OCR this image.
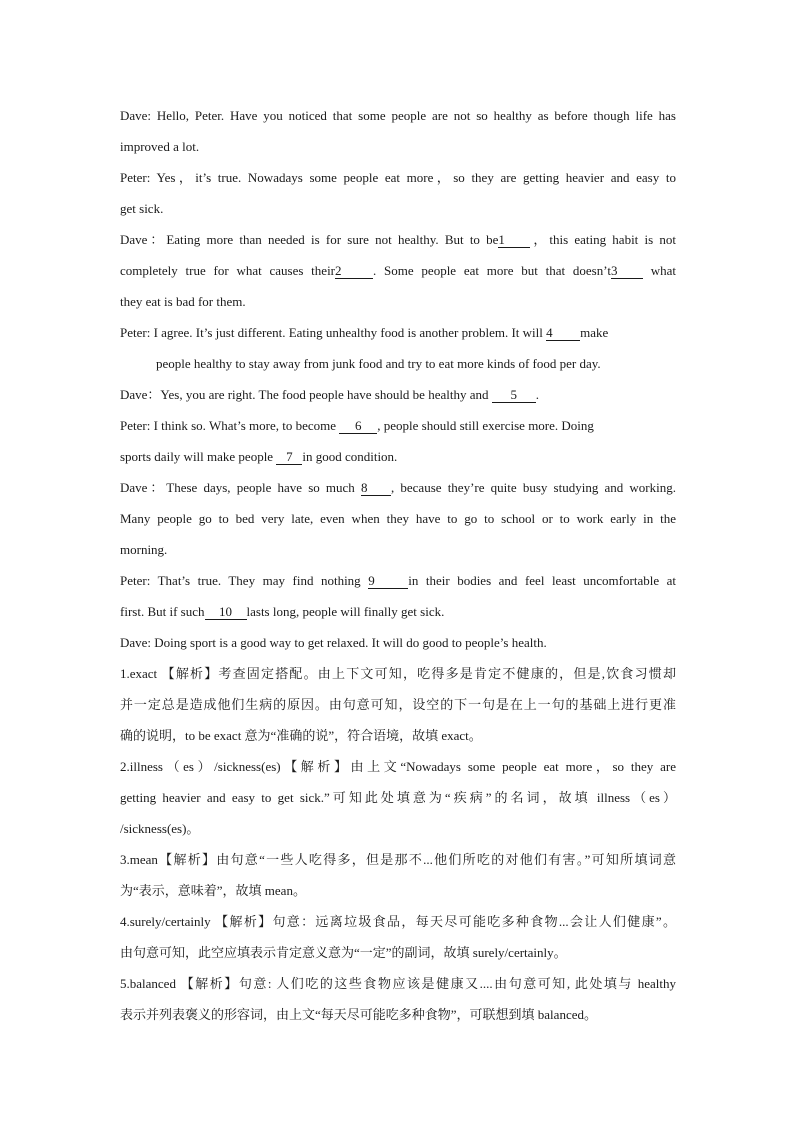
Dave: Hello, Peter. Have you noticed that some people are not so healthy as before though life has
improved a lot.
Peter: Yes，it’s true. Nowadays some people eat more，so they are getting heavier and easy to
get sick.
Dave：Eating more than needed is for sure not healthy. But to be1 ，this eating habit is not
completely true for what causes their2 . Some people eat more but that doesn’t3	what
they eat is bad for them.
Peter: I agree. It’s just different. Eating unhealthy food is another problem. It will 4 make
people healthy to stay away from junk food and try to eat more kinds of food per day.
Dave：Yes, you are right. The food people have should be healthy and 5 .
Peter: I think so. What’s more, to become 6 , people should still exercise more. Doing
sports daily will make people 7 in good condition.
Dave：These days, people have so much 8 , because they’re quite busy studying and working.
Many people go to bed very late, even when they have to go to school or to work early in the
morning.
Peter: That’s true. They may find nothing 9	in their bodies and feel least uncomfortable at
first. But if such 10 lasts long, people will finally get sick.
Dave: Doing sport is a good way to get relaxed. It will do good to people’s health.
1.exact 【解析】考查固定搭配。由上下文可知，吃得多是肯定不健康的，但是,饮食习惯却
并一定总是造成他们生病的原因。由句意可知，设空的下一句是在上一句的基础上进行更准
确的说明，to be exact 意为“准确的说”，符合语境，故填 exact。
2.illness（es）/sickness(es)【解析】由上文“Nowadays some people eat more，so they are
getting heavier and easy to get sick.”可知此处填意为“疾病”的名词，故填 illness（es）
/sickness(es)。
3.mean【解析】由句意“一些人吃得多，但是那不...他们所吃的对他们有害。”可知所填词意
为“表示，意味着”，故填 mean。
4.surely/certainly 【解析】句意：远离垃圾食品，每天尽可能吃多种食物...会让人们健康”。
由句意可知，此空应填表示肯定意义意为“一定”的副词，故填 surely/certainly。
5.balanced 【解析】句意: 人们吃的这些食物应该是健康又....由句意可知, 此处填与 healthy
表示并列表褒义的形容词，由上文“每天尽可能吃多种食物”，可联想到填 balanced。
